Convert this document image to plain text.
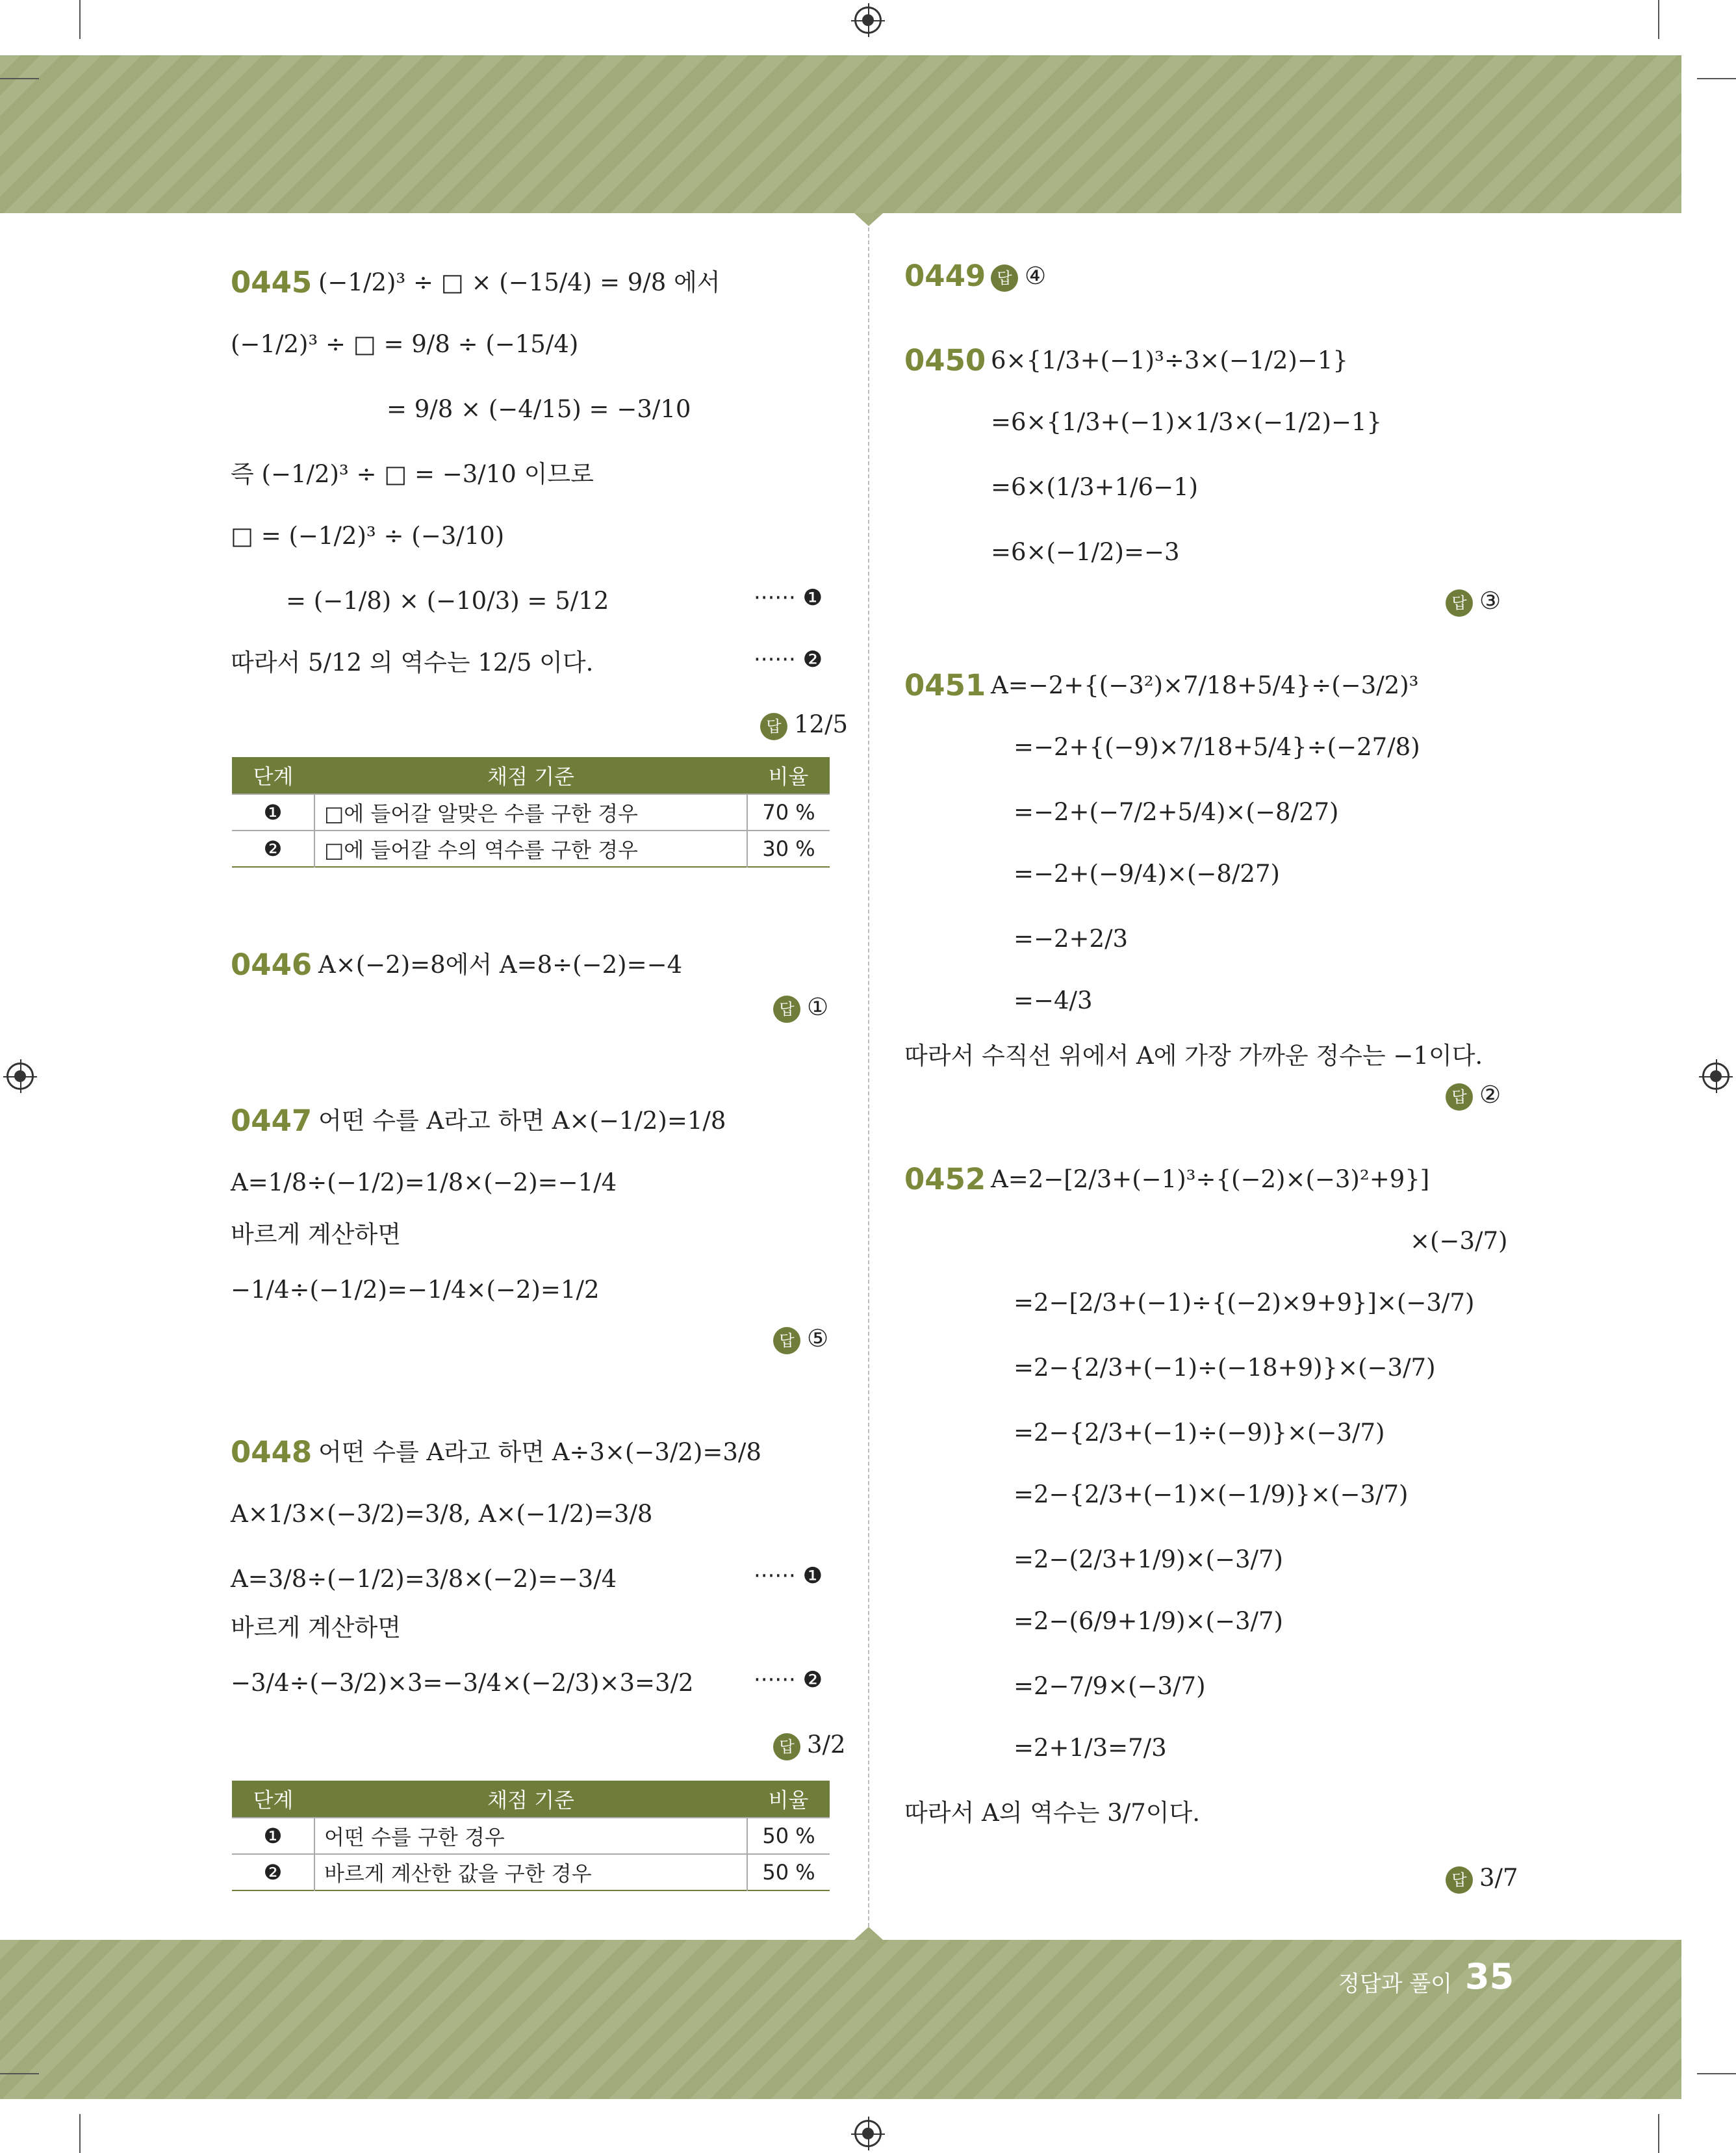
0445 (−1/2)³ ÷ □ × (−15/4) = 9/8 에서
(−1/2)³ ÷ □ = 9/8 ÷ (−15/4)
= 9/8 × (−4/15) = −3/10
즉 (−1/2)³ ÷ □ = −3/10 이므로
□ = (−1/2)³ ÷ (−3/10)
= (−1/8) × (−10/3) = 5/12	······ ❶
따라서 5/12 의 역수는 12/5 이다.	······ ❷
답 12/5
단계	채점 기준	비율
❶	□에 들어갈 알맞은 수를 구한 경우	70 %
❷	□에 들어갈 수의 역수를 구한 경우	30 %
0446 A×(−2)=8에서 A=8÷(−2)=−4
답 ①
0447 어떤 수를 A라고 하면 A×(−1/2)=1/8
A=1/8÷(−1/2)=1/8×(−2)=−1/4
바르게 계산하면
−1/4÷(−1/2)=−1/4×(−2)=1/2
답 ⑤
0448 어떤 수를 A라고 하면 A÷3×(−3/2)=3/8
A×1/3×(−3/2)=3/8, A×(−1/2)=3/8
A=3/8÷(−1/2)=3/8×(−2)=−3/4	······ ❶
바르게 계산하면
−3/4÷(−3/2)×3=−3/4×(−2/3)×3=3/2	······ ❷
답 3/2
단계	채점 기준	비율
❶	어떤 수를 구한 경우	50 %
❷	바르게 계산한 값을 구한 경우	50 %
0449 답 ④
0450 6×{1/3+(−1)³÷3×(−1/2)−1}
=6×{1/3+(−1)×1/3×(−1/2)−1}
=6×(1/3+1/6−1)
=6×(−1/2)=−3
답 ③
0451 A=−2+{(−3²)×7/18+5/4}÷(−3/2)³
=−2+{(−9)×7/18+5/4}÷(−27/8)
=−2+(−7/2+5/4)×(−8/27)
=−2+(−9/4)×(−8/27)
=−2+2/3
=−4/3
따라서 수직선 위에서 A에 가장 가까운 정수는 −1이다.
답 ②
0452 A=2−[2/3+(−1)³÷{(−2)×(−3)²+9}]
×(−3/7)
=2−[2/3+(−1)÷{(−2)×9+9}]×(−3/7)
=2−{2/3+(−1)÷(−18+9)}×(−3/7)
=2−{2/3+(−1)÷(−9)}×(−3/7)
=2−{2/3+(−1)×(−1/9)}×(−3/7)
=2−(2/3+1/9)×(−3/7)
=2−(6/9+1/9)×(−3/7)
=2−7/9×(−3/7)
=2+1/3=7/3
따라서 A의 역수는 3/7이다.
답 3/7
정답과 풀이 35
